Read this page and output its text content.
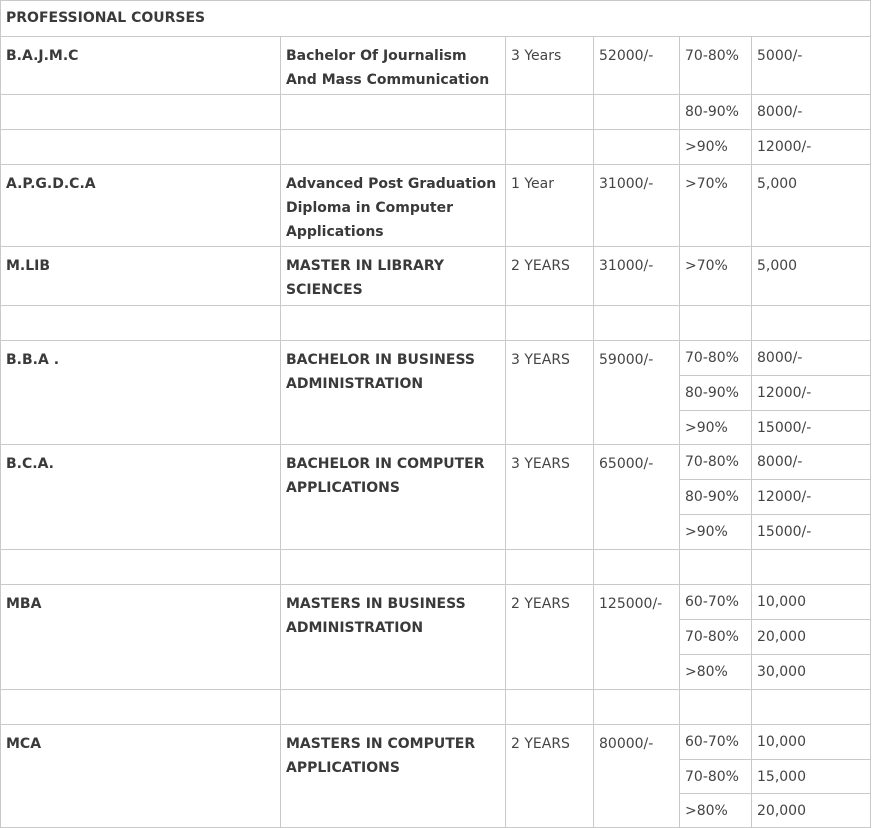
PROFESSIONAL COURSES					
B.A.J.M.C	Bachelor Of Journalism And Mass Communication	3 Years	52000/-	70-80%	5000/-
				80-90%	8000/-
				>90%	12000/-
A.P.G.D.C.A	Advanced Post Graduation Diploma in Computer Applications	1 Year	31000/-	>70%	5,000
M.LIB	MASTER IN LIBRARY SCIENCES	2 YEARS	31000/-	>70%	5,000

B.B.A .	BACHELOR IN BUSINESS ADMINISTRATION	3 YEARS	59000/-	70-80%	8000/-
				80-90%	12000/-
				>90%	15000/-
B.C.A.	BACHELOR IN COMPUTER APPLICATIONS	3 YEARS	65000/-	70-80%	8000/-
				80-90%	12000/-
				>90%	15000/-

MBA	MASTERS IN BUSINESS ADMINISTRATION	2 YEARS	125000/-	60-70%	10,000
				70-80%	20,000
				>80%	30,000

MCA	MASTERS IN COMPUTER APPLICATIONS	2 YEARS	80000/-	60-70%	10,000
				70-80%	15,000
				>80%	20,000
